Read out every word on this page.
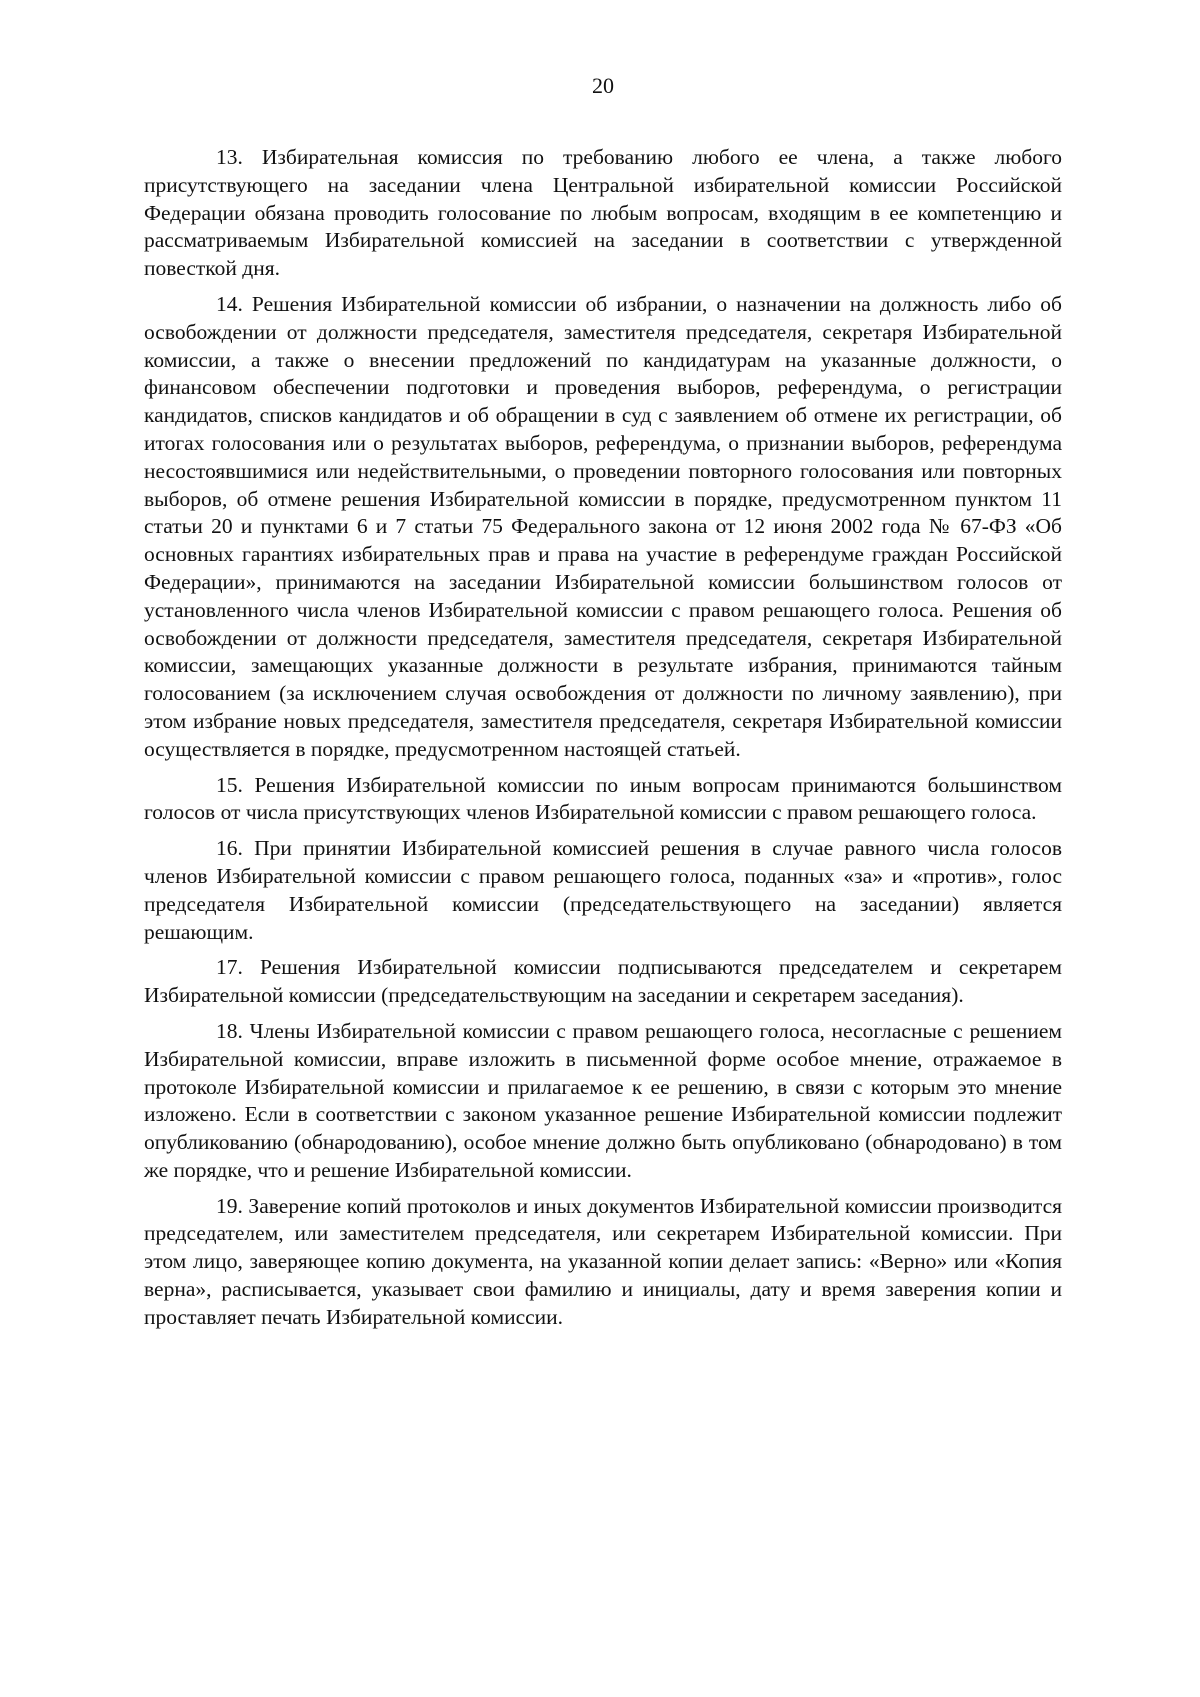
20

13. Избирательная комиссия по требованию любого ее члена, а также любого присутствующего на заседании члена Центральной избирательной комиссии Российской Федерации обязана проводить голосование по любым вопросам, входящим в ее компетенцию и рассматриваемым Избирательной комиссией на заседании в соответствии с утвержденной повесткой дня.

14. Решения Избирательной комиссии об избрании, о назначении на должность либо об освобождении от должности председателя, заместителя председателя, секретаря Избирательной комиссии, а также о внесении предложений по кандидатурам на указанные должности, о финансовом обеспечении подготовки и проведения выборов, референдума, о регистрации кандидатов, списков кандидатов и об обращении в суд с заявлением об отмене их регистрации, об итогах голосования или о результатах выборов, референдума, о признании выборов, референдума несостоявшимися или недействительными, о проведении повторного голосования или повторных выборов, об отмене решения Избирательной комиссии в порядке, предусмотренном пунктом 11 статьи 20 и пунктами 6 и 7 статьи 75 Федерального закона от 12 июня 2002 года № 67-ФЗ «Об основных гарантиях избирательных прав и права на участие в референдуме граждан Российской Федерации», принимаются на заседании Избирательной комиссии большинством голосов от установленного числа членов Избирательной комиссии с правом решающего голоса. Решения об освобождении от должности председателя, заместителя председателя, секретаря Избирательной комиссии, замещающих указанные должности в результате избрания, принимаются тайным голосованием (за исключением случая освобождения от должности по личному заявлению), при этом избрание новых председателя, заместителя председателя, секретаря Избирательной комиссии осуществляется в порядке, предусмотренном настоящей статьей.

15. Решения Избирательной комиссии по иным вопросам принимаются большинством голосов от числа присутствующих членов Избирательной комиссии с правом решающего голоса.

16. При принятии Избирательной комиссией решения в случае равного числа голосов членов Избирательной комиссии с правом решающего голоса, поданных «за» и «против», голос председателя Избирательной комиссии (председательствующего на заседании) является решающим.

17. Решения Избирательной комиссии подписываются председателем и секретарем Избирательной комиссии (председательствующим на заседании и секретарем заседания).

18. Члены Избирательной комиссии с правом решающего голоса, несогласные с решением Избирательной комиссии, вправе изложить в письменной форме особое мнение, отражаемое в протоколе Избирательной комиссии и прилагаемое к ее решению, в связи с которым это мнение изложено. Если в соответствии с законом указанное решение Избирательной комиссии подлежит опубликованию (обнародованию), особое мнение должно быть опубликовано (обнародовано) в том же порядке, что и решение Избирательной комиссии.

19. Заверение копий протоколов и иных документов Избирательной комиссии производится председателем, или заместителем председателя, или секретарем Избирательной комиссии. При этом лицо, заверяющее копию документа, на указанной копии делает запись: «Верно» или «Копия верна», расписывается, указывает свои фамилию и инициалы, дату и время заверения копии и проставляет печать Избирательной комиссии.
